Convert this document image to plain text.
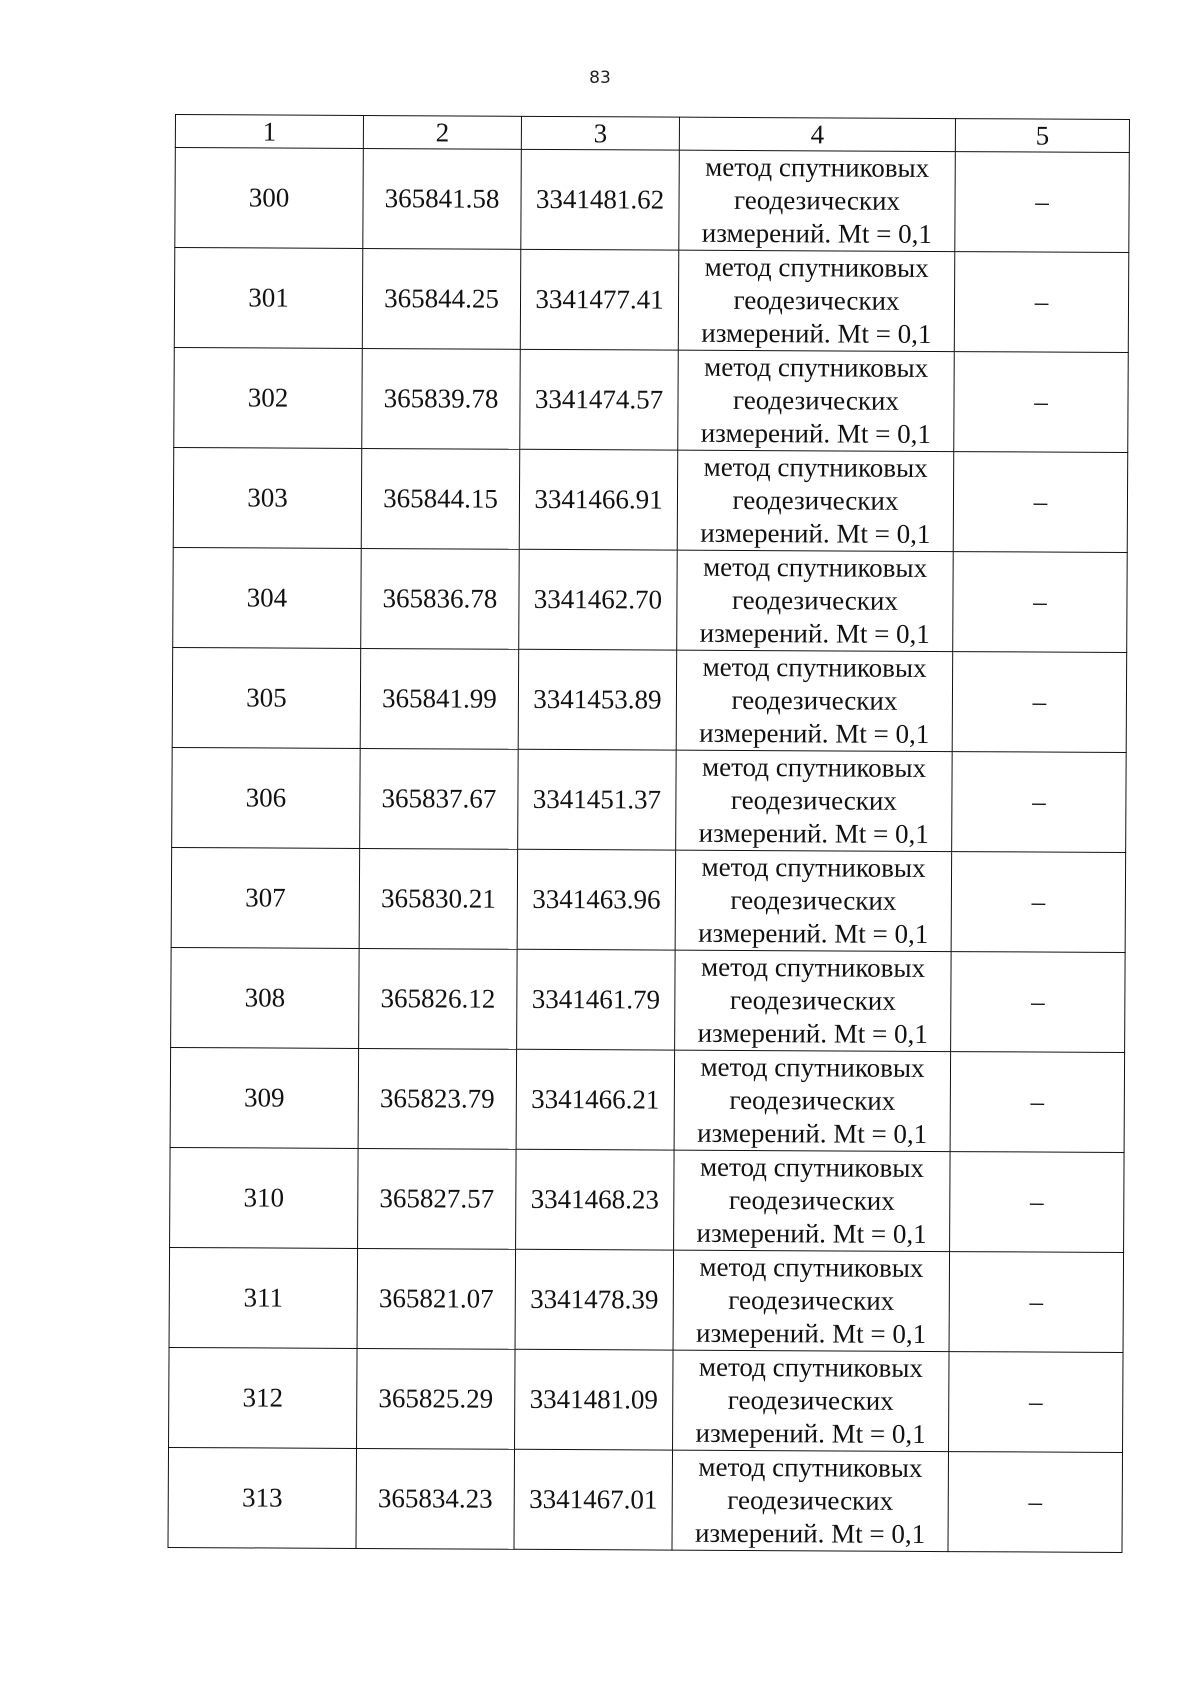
83
1	2	3	4	5
300	365841.58	3341481.62	метод спутниковых
геодезических
измерений. Mt = 0,1	–
301	365844.25	3341477.41	метод спутниковых
геодезических
измерений. Mt = 0,1	–
302	365839.78	3341474.57	метод спутниковых
геодезических
измерений. Mt = 0,1	–
303	365844.15	3341466.91	метод спутниковых
геодезических
измерений. Mt = 0,1	–
304	365836.78	3341462.70	метод спутниковых
геодезических
измерений. Mt = 0,1	–
305	365841.99	3341453.89	метод спутниковых
геодезических
измерений. Mt = 0,1	–
306	365837.67	3341451.37	метод спутниковых
геодезических
измерений. Mt = 0,1	–
307	365830.21	3341463.96	метод спутниковых
геодезических
измерений. Mt = 0,1	–
308	365826.12	3341461.79	метод спутниковых
геодезических
измерений. Mt = 0,1	–
309	365823.79	3341466.21	метод спутниковых
геодезических
измерений. Mt = 0,1	–
310	365827.57	3341468.23	метод спутниковых
геодезических
измерений. Mt = 0,1	–
311	365821.07	3341478.39	метод спутниковых
геодезических
измерений. Mt = 0,1	–
312	365825.29	3341481.09	метод спутниковых
геодезических
измерений. Mt = 0,1	–
313	365834.23	3341467.01	метод спутниковых
геодезических
измерений. Mt = 0,1	–
